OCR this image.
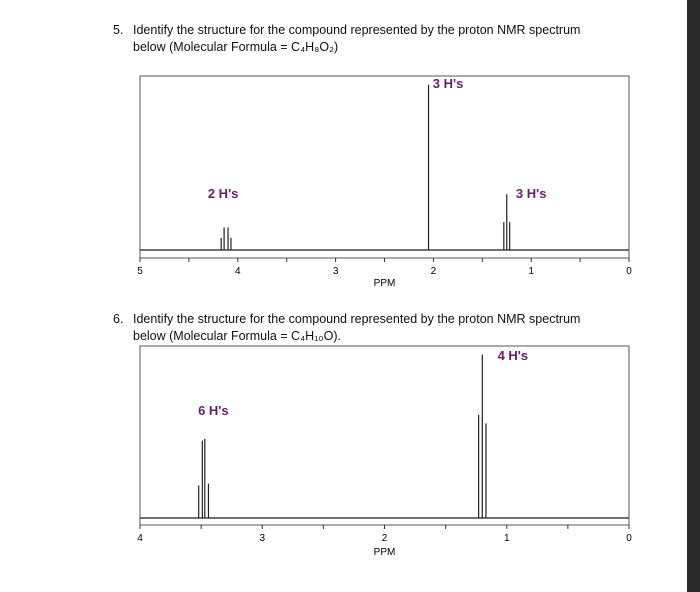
5. Identify the structure for the compound represented by the proton NMR spectrum
below (Molecular Formula = C₄H₈O₂)
6. Identify the structure for the compound represented by the proton NMR spectrum
below (Molecular Formula = C₄H₁₀O).
5	4	3	2	1	0
PPM
2 H's
3 H's
3 H's
4	3	2	1	0
PPM
6 H's
4 H's
